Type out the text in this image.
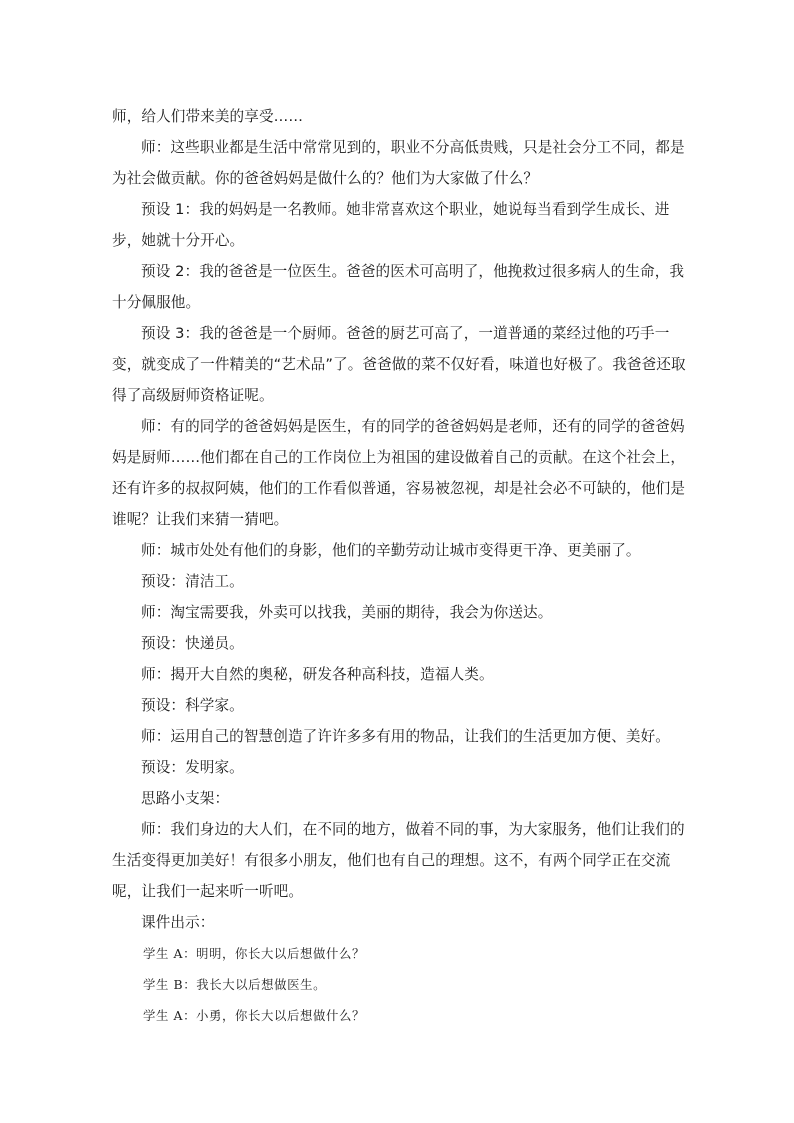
师，给人们带来美的享受……

师：这些职业都是生活中常常见到的，职业不分高低贵贱，只是社会分工不同，都是为社会做贡献。你的爸爸妈妈是做什么的？他们为大家做了什么？

预设 1：我的妈妈是一名教师。她非常喜欢这个职业，她说每当看到学生成长、进步，她就十分开心。

预设 2：我的爸爸是一位医生。爸爸的医术可高明了，他挽救过很多病人的生命，我十分佩服他。

预设 3：我的爸爸是一个厨师。爸爸的厨艺可高了，一道普通的菜经过他的巧手一变，就变成了一件精美的“艺术品”了。爸爸做的菜不仅好看，味道也好极了。我爸爸还取得了高级厨师资格证呢。

师：有的同学的爸爸妈妈是医生，有的同学的爸爸妈妈是老师，还有的同学的爸爸妈妈是厨师……他们都在自己的工作岗位上为祖国的建设做着自己的贡献。在这个社会上，还有许多的叔叔阿姨，他们的工作看似普通，容易被忽视，却是社会必不可缺的，他们是谁呢？让我们来猜一猜吧。

师：城市处处有他们的身影，他们的辛勤劳动让城市变得更干净、更美丽了。

预设：清洁工。

师：淘宝需要我，外卖可以找我，美丽的期待，我会为你送达。

预设：快递员。

师：揭开大自然的奥秘，研发各种高科技，造福人类。

预设：科学家。

师：运用自己的智慧创造了许许多多有用的物品，让我们的生活更加方便、美好。

预设：发明家。

思路小支架：

师：我们身边的大人们，在不同的地方，做着不同的事，为大家服务，他们让我们的生活变得更加美好！有很多小朋友，他们也有自己的理想。这不，有两个同学正在交流呢，让我们一起来听一听吧。

课件出示：

学生 A：明明，你长大以后想做什么？

学生 B：我长大以后想做医生。

学生 A：小勇，你长大以后想做什么？
